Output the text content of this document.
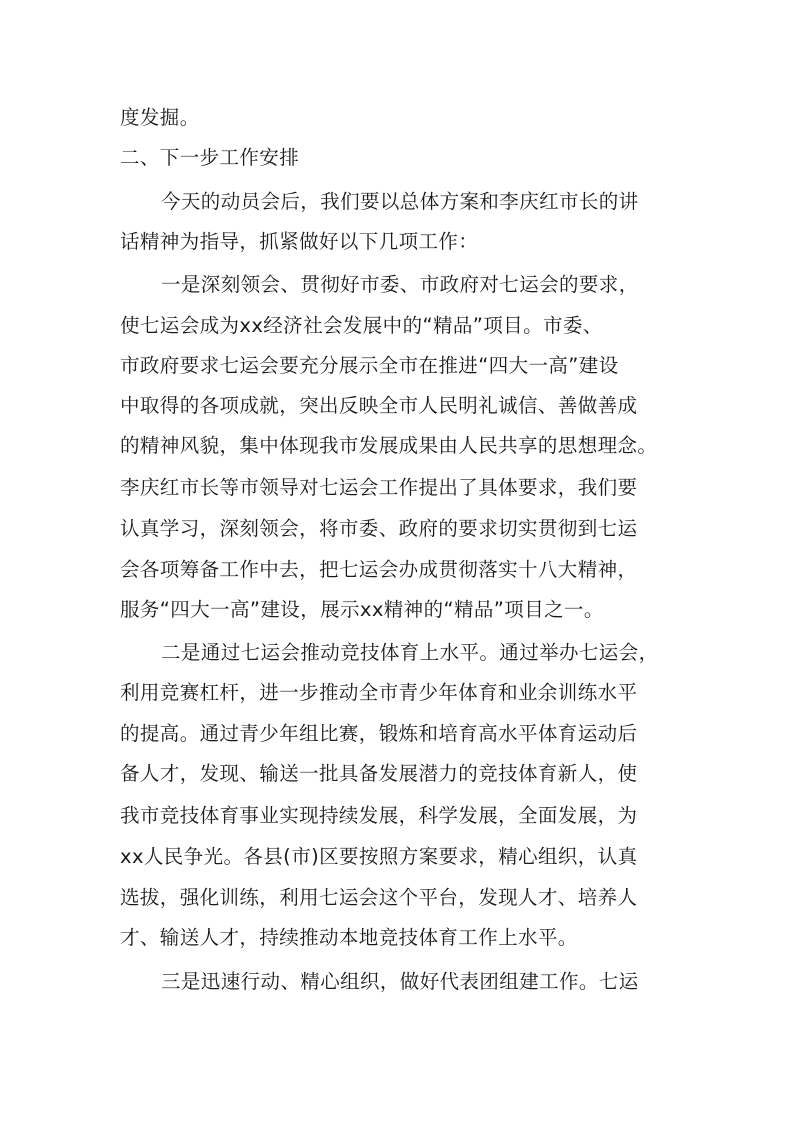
度发掘。
二、下一步工作安排
今天的动员会后，我们要以总体方案和李庆红市长的讲
话精神为指导，抓紧做好以下几项工作：
一是深刻领会、贯彻好市委、市政府对七运会的要求，
使七运会成为xx经济社会发展中的“精品”项目。市委、
市政府要求七运会要充分展示全市在推进“四大一高”建设
中取得的各项成就，突出反映全市人民明礼诚信、善做善成
的精神风貌，集中体现我市发展成果由人民共享的思想理念。
李庆红市长等市领导对七运会工作提出了具体要求，我们要
认真学习，深刻领会，将市委、政府的要求切实贯彻到七运
会各项筹备工作中去，把七运会办成贯彻落实十八大精神，
服务“四大一高”建设，展示xx精神的“精品”项目之一。
二是通过七运会推动竞技体育上水平。通过举办七运会，
利用竞赛杠杆，进一步推动全市青少年体育和业余训练水平
的提高。通过青少年组比赛，锻炼和培育高水平体育运动后
备人才，发现、输送一批具备发展潜力的竞技体育新人，使
我市竞技体育事业实现持续发展，科学发展，全面发展，为
xx人民争光。各县(市)区要按照方案要求，精心组织，认真
选拔，强化训练，利用七运会这个平台，发现人才、培养人
才、输送人才，持续推动本地竞技体育工作上水平。
三是迅速行动、精心组织，做好代表团组建工作。七运
